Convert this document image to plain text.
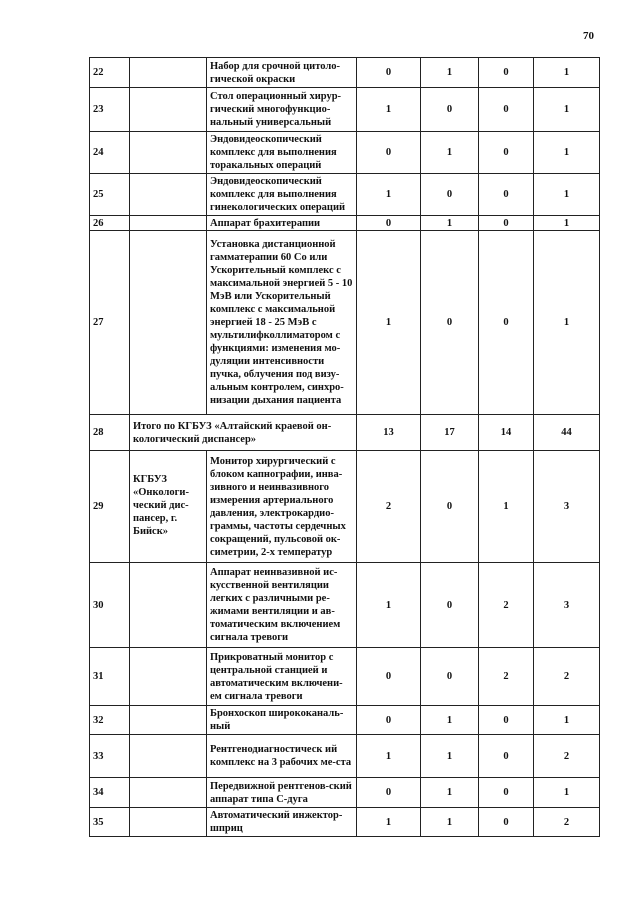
70
22		Набор для срочной цитоло-гической окраски	0	1	0	1
23		Стол операционный хирур-гический многофункцио-нальный универсальный	1	0	0	1
24		Эндовидеоскопический комплекс для выполнения торакальных операций	0	1	0	1
25		Эндовидеоскопический комплекс для выполнения гинекологических операций	1	0	0	1
26		Аппарат брахитерапии	0	1	0	1
27		Установка дистанционной гамматерапии 60 Со или Ускорительный комплекс с максимальной энергией 5 - 10 МэВ или Ускорительный комплекс с максимальной энергией 18 - 25 МэВ с мультилифколлиматором с функциями: изменения мо-дуляции интенсивности пучка, облучения под визу-альным контролем, синхро-низации дыхания пациента	1	0	0	1
28	Итого по КГБУЗ «Алтайский краевой он-кологический диспансер»		13	17	14	44
29	КГБУЗ «Онкологи-ческий дис-пансер, г. Бийск»	Монитор хирургический с блоком капнографии, инва-зивного и неинвазивного измерения артериального давления, электрокардио-граммы, частоты сердечных сокращений, пульсовой ок-симетрии, 2-х температур	2	0	1	3
30		Аппарат неинвазивной ис-кусственной вентиляции легких с различными ре-жимами вентиляции и ав-томатическим включением сигнала тревоги	1	0	2	3
31		Прикроватный монитор с центральной станцией и автоматическим включени-ем сигнала тревоги	0	0	2	2
32		Бронхоскоп ширококаналь-ный	0	1	0	1
33		Рентгенодиагностическ ий комплекс на 3 рабочих ме-ста	1	1	0	2
34		Передвижной рентгенов-ский аппарат типа С-дуга	0	1	0	1
35		Автоматический инжектор-шприц	1	1	0	2
